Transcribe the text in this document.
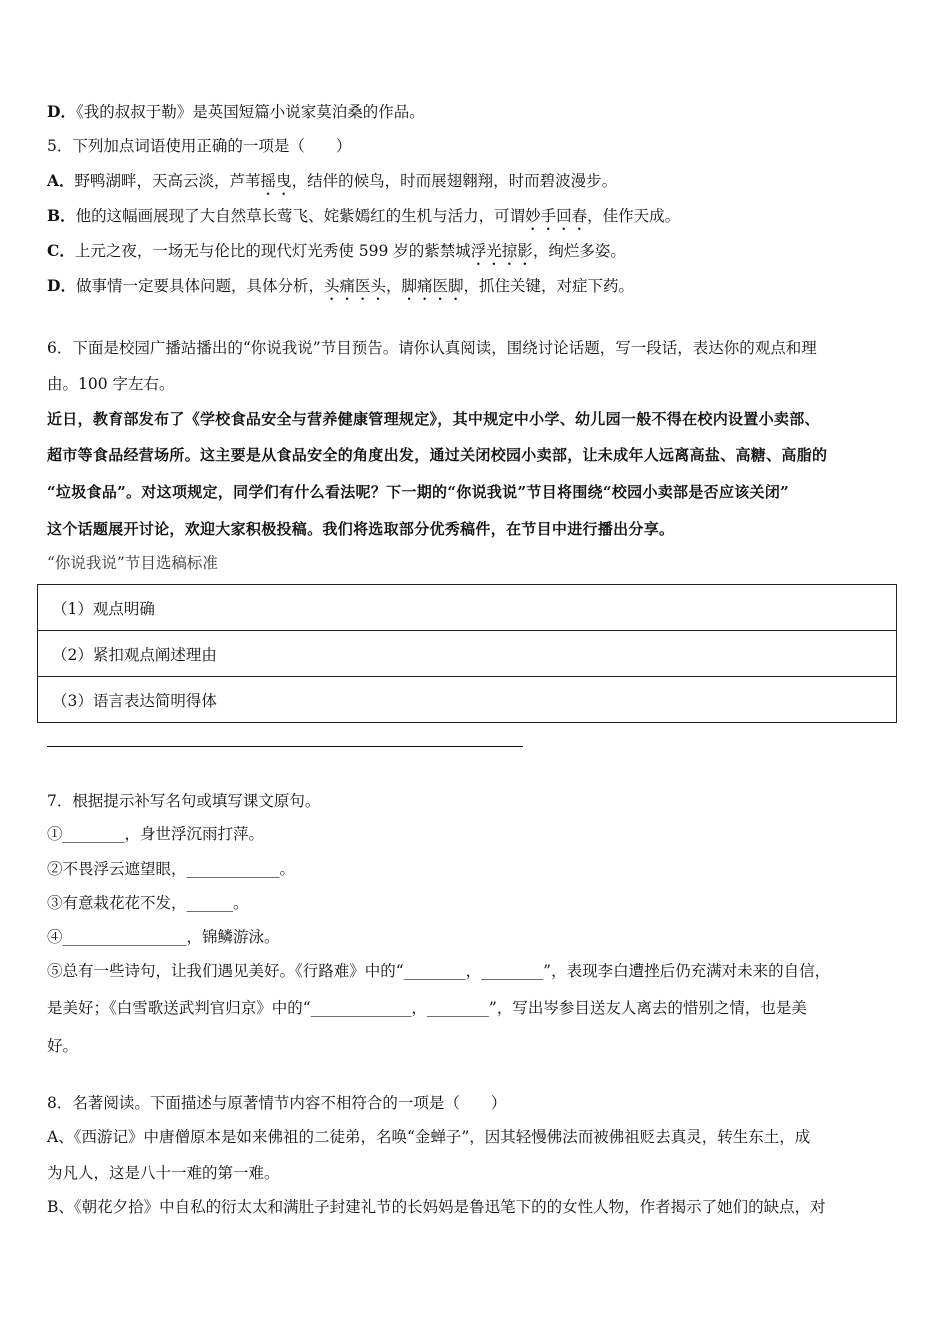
D．《我的叔叔于勒》是英国短篇小说家莫泊桑的作品。
5．下列加点词语使用正确的一项是（　　）
A．野鸭湖畔，天高云淡，芦苇摇曳，结伴的候鸟，时而展翅翱翔，时而碧波漫步。
B．他的这幅画展现了大自然草长莺飞、姹紫嫣红的生机与活力，可谓妙手回春，佳作天成。
C．上元之夜，一场无与伦比的现代灯光秀使 599 岁的紫禁城浮光掠影，绚烂多姿。
D．做事情一定要具体问题，具体分析，头痛医头，脚痛医脚，抓住关键，对症下药。
6．下面是校园广播站播出的“你说我说”节目预告。请你认真阅读，围绕讨论话题，写一段话，表达你的观点和理
由。100 字左右。
近日，教育部发布了《学校食品安全与营养健康管理规定》，其中规定中小学、幼儿园一般不得在校内设置小卖部、
超市等食品经营场所。这主要是从食品安全的角度出发，通过关闭校园小卖部，让未成年人远离高盐、高糖、高脂的
“垃圾食品”。对这项规定，同学们有什么看法呢？下一期的“你说我说”节目将围绕“校园小卖部是否应该关闭”
这个话题展开讨论，欢迎大家积极投稿。我们将选取部分优秀稿件，在节目中进行播出分享。
“你说我说”节目选稿标准
（1）观点明确
（2）紧扣观点阐述理由
（3）语言表达简明得体
7．根据提示补写名句或填写课文原句。
①________，身世浮沉雨打萍。
②不畏浮云遮望眼，____________。
③有意栽花花不发，______。
④________________，锦鳞游泳。
⑤总有一些诗句，让我们遇见美好。《行路难》中的“________，________”，表现李白遭挫后仍充满对未来的自信，
是美好；《白雪歌送武判官归京》中的“_____________，________”，写出岑参目送友人离去的惜别之情，也是美
好。
8．名著阅读。下面描述与原著情节内容不相符合的一项是（　　）
A、《西游记》中唐僧原本是如来佛祖的二徒弟，名唤“金蝉子”，因其轻慢佛法而被佛祖贬去真灵，转生东土，成
为凡人，这是八十一难的第一难。
B、《朝花夕拾》中自私的衍太太和满肚子封建礼节的长妈妈是鲁迅笔下的的女性人物，作者揭示了她们的缺点，对
